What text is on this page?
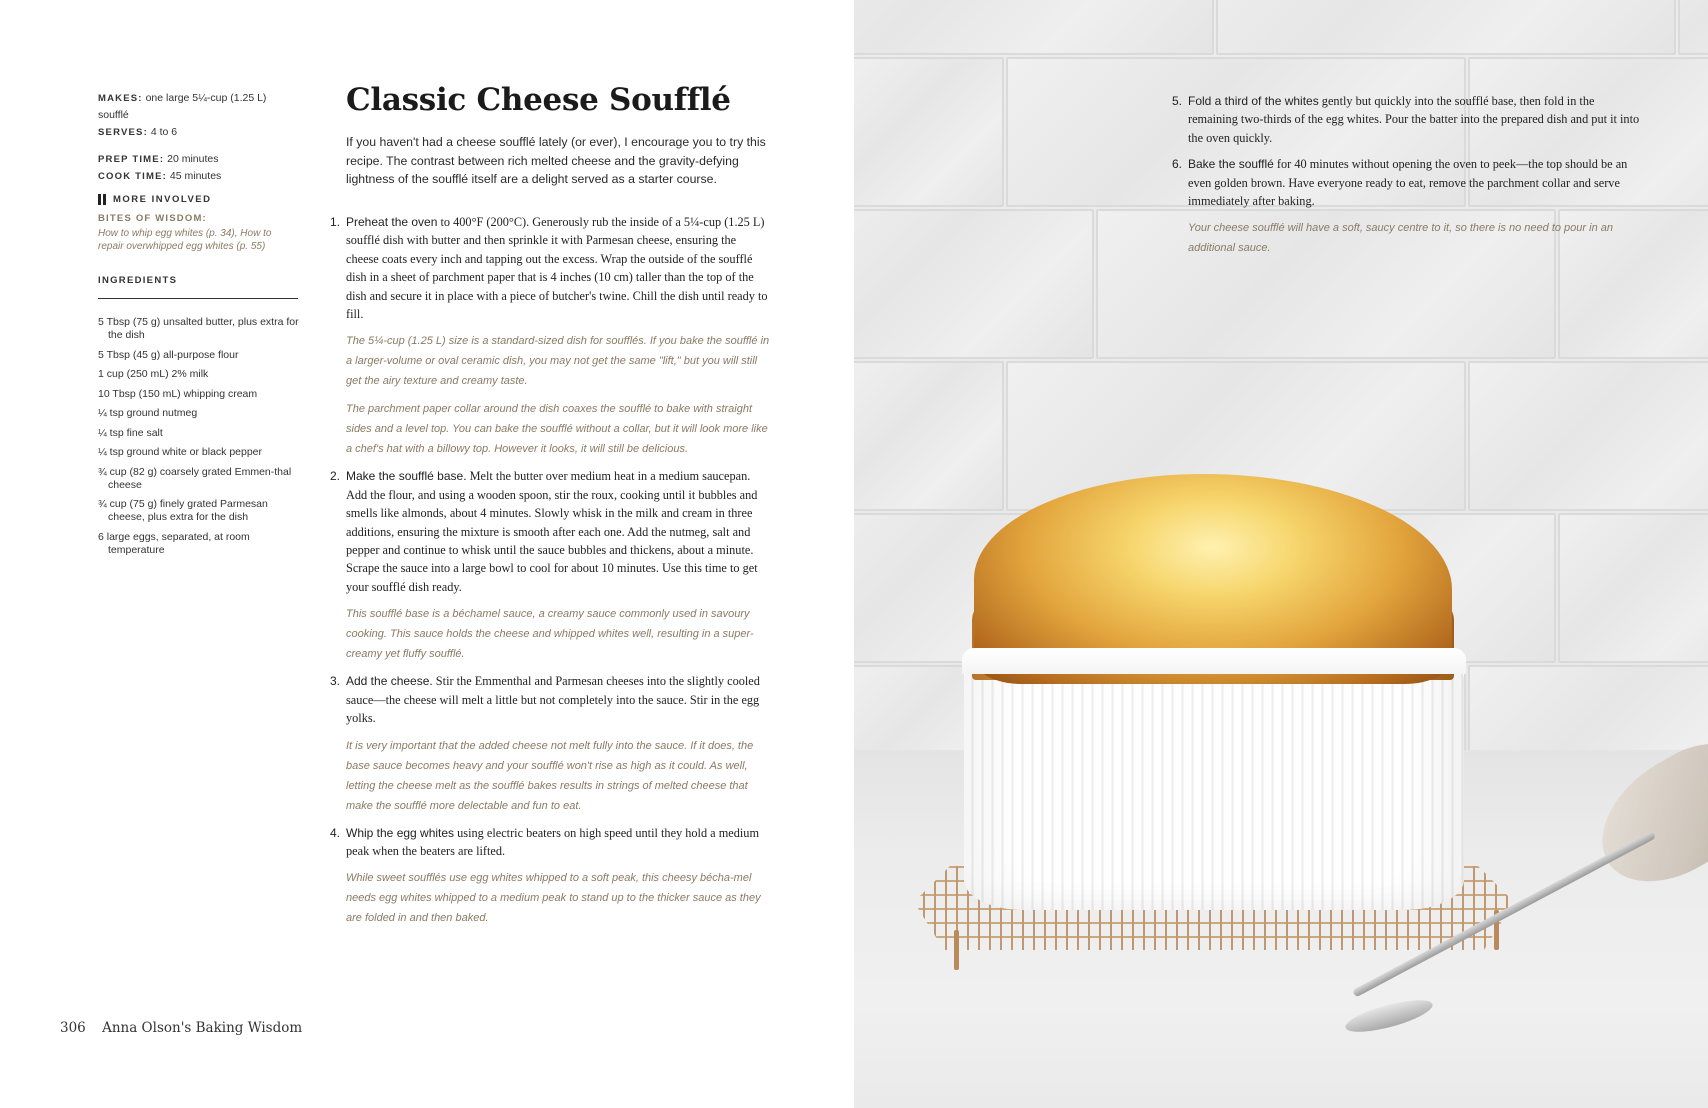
MAKES: one large 5¼-cup (1.25 L) soufflé
SERVES: 4 to 6
PREP TIME: 20 minutes
COOK TIME: 45 minutes
MORE INVOLVED
BITES OF WISDOM:
How to whip egg whites (p. 34), How to repair overwhipped egg whites (p. 55)
INGREDIENTS
5 Tbsp (75 g) unsalted butter, plus extra for the dish
5 Tbsp (45 g) all-purpose flour
1 cup (250 mL) 2% milk
10 Tbsp (150 mL) whipping cream
¼ tsp ground nutmeg
¼ tsp fine salt
¼ tsp ground white or black pepper
¾ cup (82 g) coarsely grated Emmen-thal cheese
¾ cup (75 g) finely grated Parmesan cheese, plus extra for the dish
6 large eggs, separated, at room temperature
Classic Cheese Soufflé

If you haven't had a cheese soufflé lately (or ever), I encourage you to try this recipe. The contrast between rich melted cheese and the gravity-defying lightness of the soufflé itself are a delight served as a starter course.

1. Preheat the oven to 400°F (200°C). Generously rub the inside of a 5¼-cup (1.25 L) soufflé dish with butter and then sprinkle it with Parmesan cheese, ensuring the cheese coats every inch and tapping out the excess. Wrap the outside of the soufflé dish in a sheet of parchment paper that is 4 inches (10 cm) taller than the top of the dish and secure it in place with a piece of butcher's twine. Chill the dish until ready to fill.

The 5¼-cup (1.25 L) size is a standard-sized dish for soufflés. If you bake the soufflé in a larger-volume or oval ceramic dish, you may not get the same "lift," but you will still get the airy texture and creamy taste.

The parchment paper collar around the dish coaxes the soufflé to bake with straight sides and a level top. You can bake the soufflé without a collar, but it will look more like a chef's hat with a billowy top. However it looks, it will still be delicious.

2. Make the soufflé base. Melt the butter over medium heat in a medium saucepan. Add the flour, and using a wooden spoon, stir the roux, cooking until it bubbles and smells like almonds, about 4 minutes. Slowly whisk in the milk and cream in three additions, ensuring the mixture is smooth after each one. Add the nutmeg, salt and pepper and continue to whisk until the sauce bubbles and thickens, about a minute. Scrape the sauce into a large bowl to cool for about 10 minutes. Use this time to get your soufflé dish ready.

This soufflé base is a béchamel sauce, a creamy sauce commonly used in savoury cooking. This sauce holds the cheese and whipped whites well, resulting in a super-creamy yet fluffy soufflé.

3. Add the cheese. Stir the Emmenthal and Parmesan cheeses into the slightly cooled sauce—the cheese will melt a little but not completely into the sauce. Stir in the egg yolks.

It is very important that the added cheese not melt fully into the sauce. If it does, the base sauce becomes heavy and your soufflé won't rise as high as it could. As well, letting the cheese melt as the soufflé bakes results in strings of melted cheese that make the soufflé more delectable and fun to eat.

4. Whip the egg whites using electric beaters on high speed until they hold a medium peak when the beaters are lifted.

While sweet soufflés use egg whites whipped to a soft peak, this cheesy bécha-mel needs egg whites whipped to a medium peak to stand up to the thicker sauce as they are folded in and then baked.

306 Anna Olson's Baking Wisdom
5. Fold a third of the whites gently but quickly into the soufflé base, then fold in the remaining two-thirds of the egg whites. Pour the batter into the prepared dish and put it into the oven quickly.
6. Bake the soufflé for 40 minutes without opening the oven to peek—the top should be an even golden brown. Have everyone ready to eat, remove the parchment collar and serve immediately after baking.

Your cheese soufflé will have a soft, saucy centre to it, so there is no need to pour in an additional sauce.
